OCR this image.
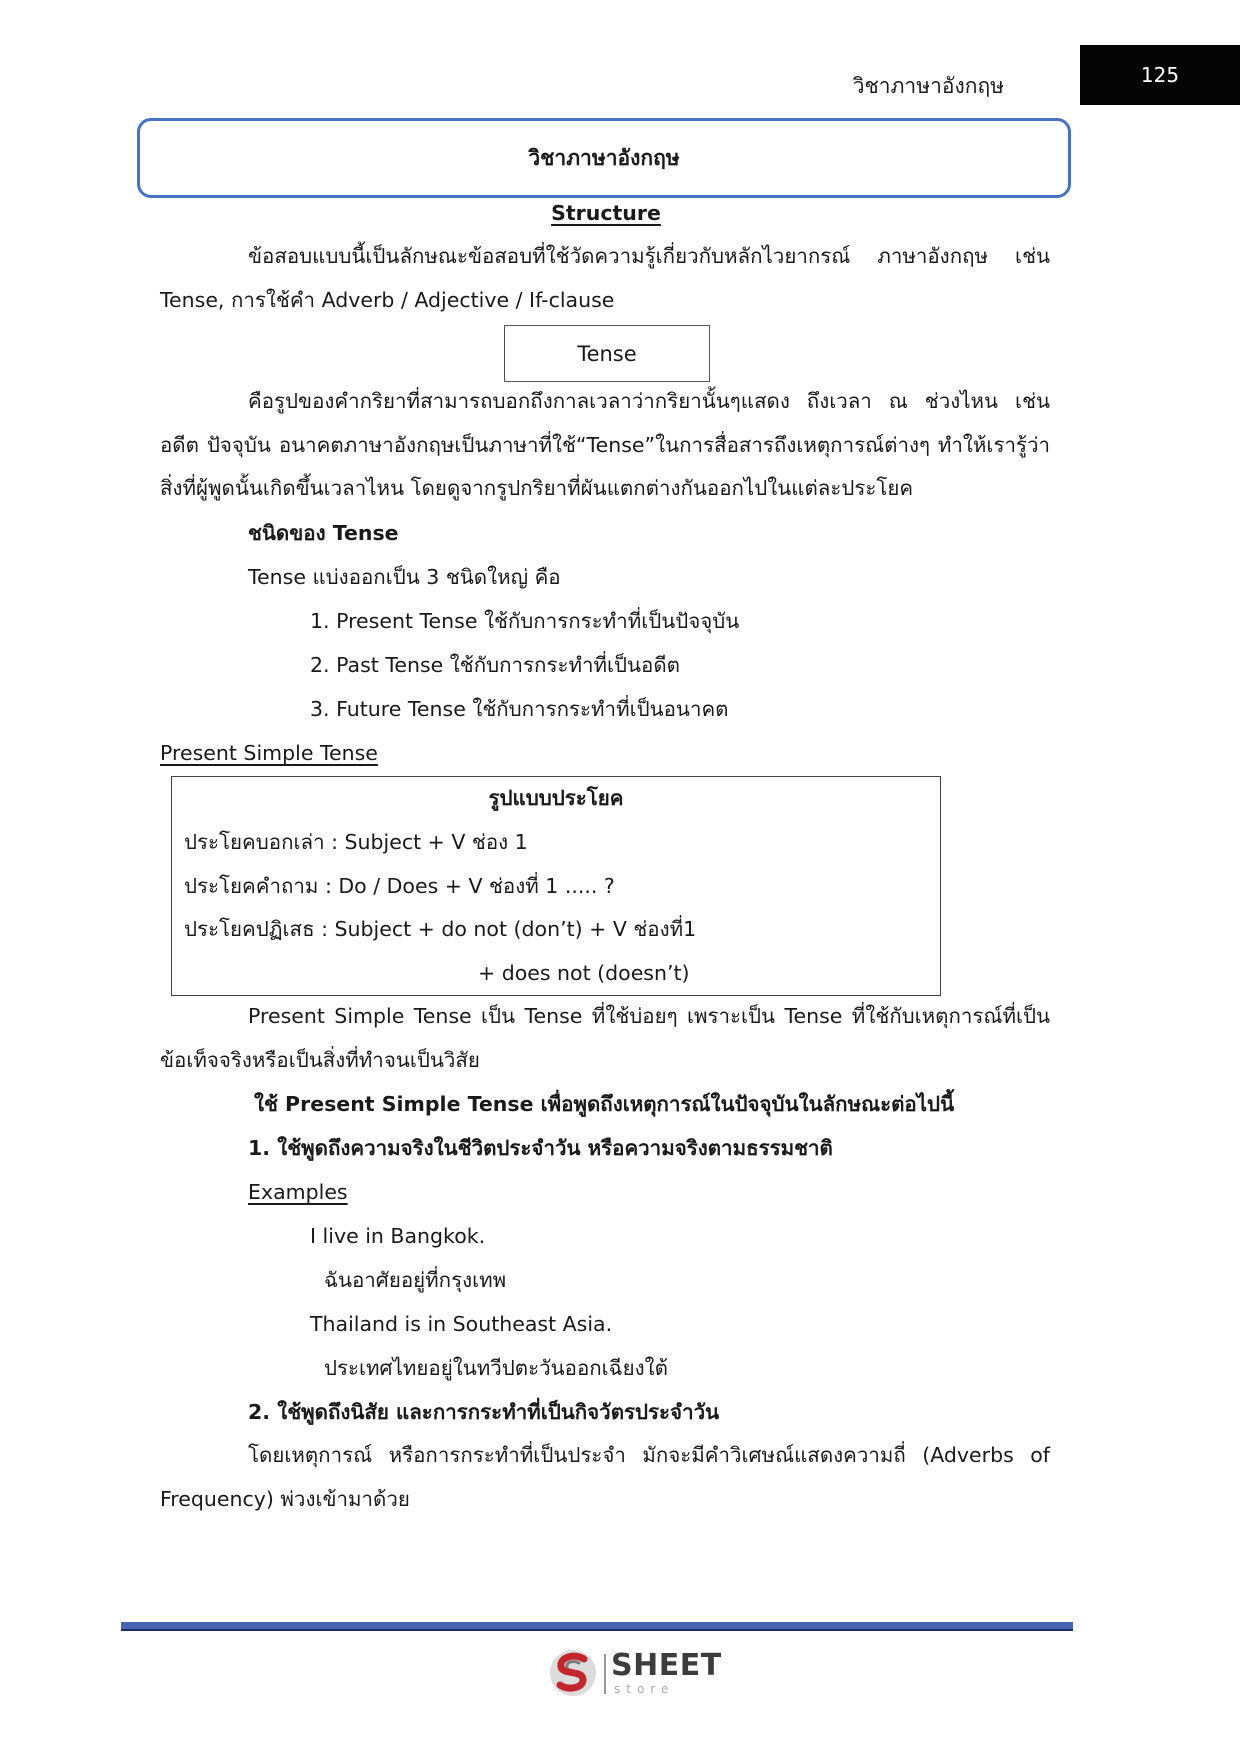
วิชาภาษาอังกฤษ	125
วิชาภาษาอังกฤษ
Structure
ข้อสอบแบบนี้เป็นลักษณะข้อสอบที่ใช้วัดความรู้เกี่ยวกับหลักไวยากรณ์ ภาษาอังกฤษ เช่น Tense, การใช้คำ Adverb / Adjective / If-clause
Tense
คือรูปของคำกริยาที่สามารถบอกถึงกาลเวลาว่ากริยานั้นๆแสดง ถึงเวลา ณ ช่วงไหน เช่น อดีต ปัจจุบัน อนาคตภาษาอังกฤษเป็นภาษาที่ใช้“Tense”ในการสื่อสารถึงเหตุการณ์ต่างๆ ทำให้เรารู้ว่าสิ่งที่ผู้พูดนั้นเกิดขึ้นเวลาไหน โดยดูจากรูปกริยาที่ผันแตกต่างกันออกไปในแต่ละประโยค
ชนิดของ Tense
Tense แบ่งออกเป็น 3 ชนิดใหญ่ คือ
1. Present Tense ใช้กับการกระทำที่เป็นปัจจุบัน
2. Past Tense ใช้กับการกระทำที่เป็นอดีต
3. Future Tense ใช้กับการกระทำที่เป็นอนาคต
Present Simple Tense
รูปแบบประโยค
ประโยคบอกเล่า : Subject + V ช่อง 1
ประโยคคำถาม : Do / Does + V ช่องที่ 1 ..... ?
ประโยคปฏิเสธ : Subject + do not (don’t) + V ช่องที่1
+ does not (doesn’t)
Present Simple Tense เป็น Tense ที่ใช้บ่อยๆ เพราะเป็น Tense ที่ใช้กับเหตุการณ์ที่เป็นข้อเท็จจริงหรือเป็นสิ่งที่ทำจนเป็นวิสัย
ใช้ Present Simple Tense เพื่อพูดถึงเหตุการณ์ในปัจจุบันในลักษณะต่อไปนี้
1. ใช้พูดถึงความจริงในชีวิตประจำวัน หรือความจริงตามธรรมชาติ
Examples
I live in Bangkok.
ฉันอาศัยอยู่ที่กรุงเทพ
Thailand is in Southeast Asia.
ประเทศไทยอยู่ในทวีปตะวันออกเฉียงใต้
2. ใช้พูดถึงนิสัย และการกระทำที่เป็นกิจวัตรประจำวัน
โดยเหตุการณ์ หรือการกระทำที่เป็นประจำ มักจะมีคำวิเศษณ์แสดงความถี่ (Adverbs of Frequency) พ่วงเข้ามาด้วย
SHEET
store
